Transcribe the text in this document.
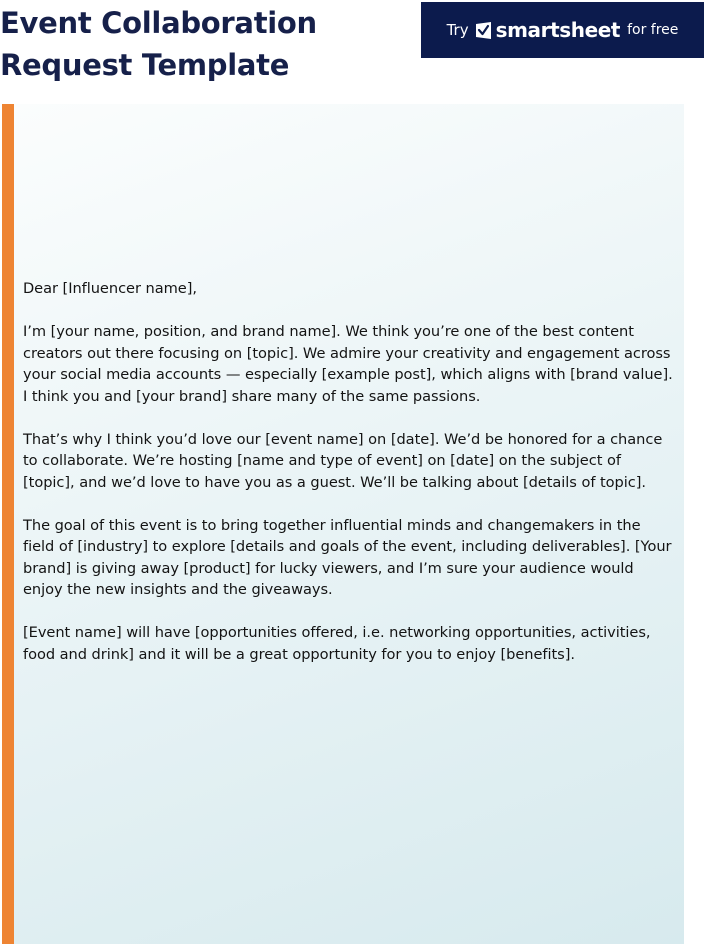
Event Collaboration
Request Template
Try smartsheet for free

Dear [Influencer name],

I’m [your name, position, and brand name]. We think you’re one of the best content creators out there focusing on [topic]. We admire your creativity and engagement across your social media accounts — especially [example post], which aligns with [brand value]. I think you and [your brand] share many of the same passions.

That’s why I think you’d love our [event name] on [date]. We’d be honored for a chance to collaborate. We’re hosting [name and type of event] on [date] on the subject of [topic], and we’d love to have you as a guest. We’ll be talking about [details of topic].

The goal of this event is to bring together influential minds and changemakers in the field of [industry] to explore [details and goals of the event, including deliverables]. [Your brand] is giving away [product] for lucky viewers, and I’m sure your audience would enjoy the new insights and the giveaways.

[Event name] will have [opportunities offered, i.e. networking opportunities, activities, food and drink] and it will be a great opportunity for you to enjoy [benefits].
